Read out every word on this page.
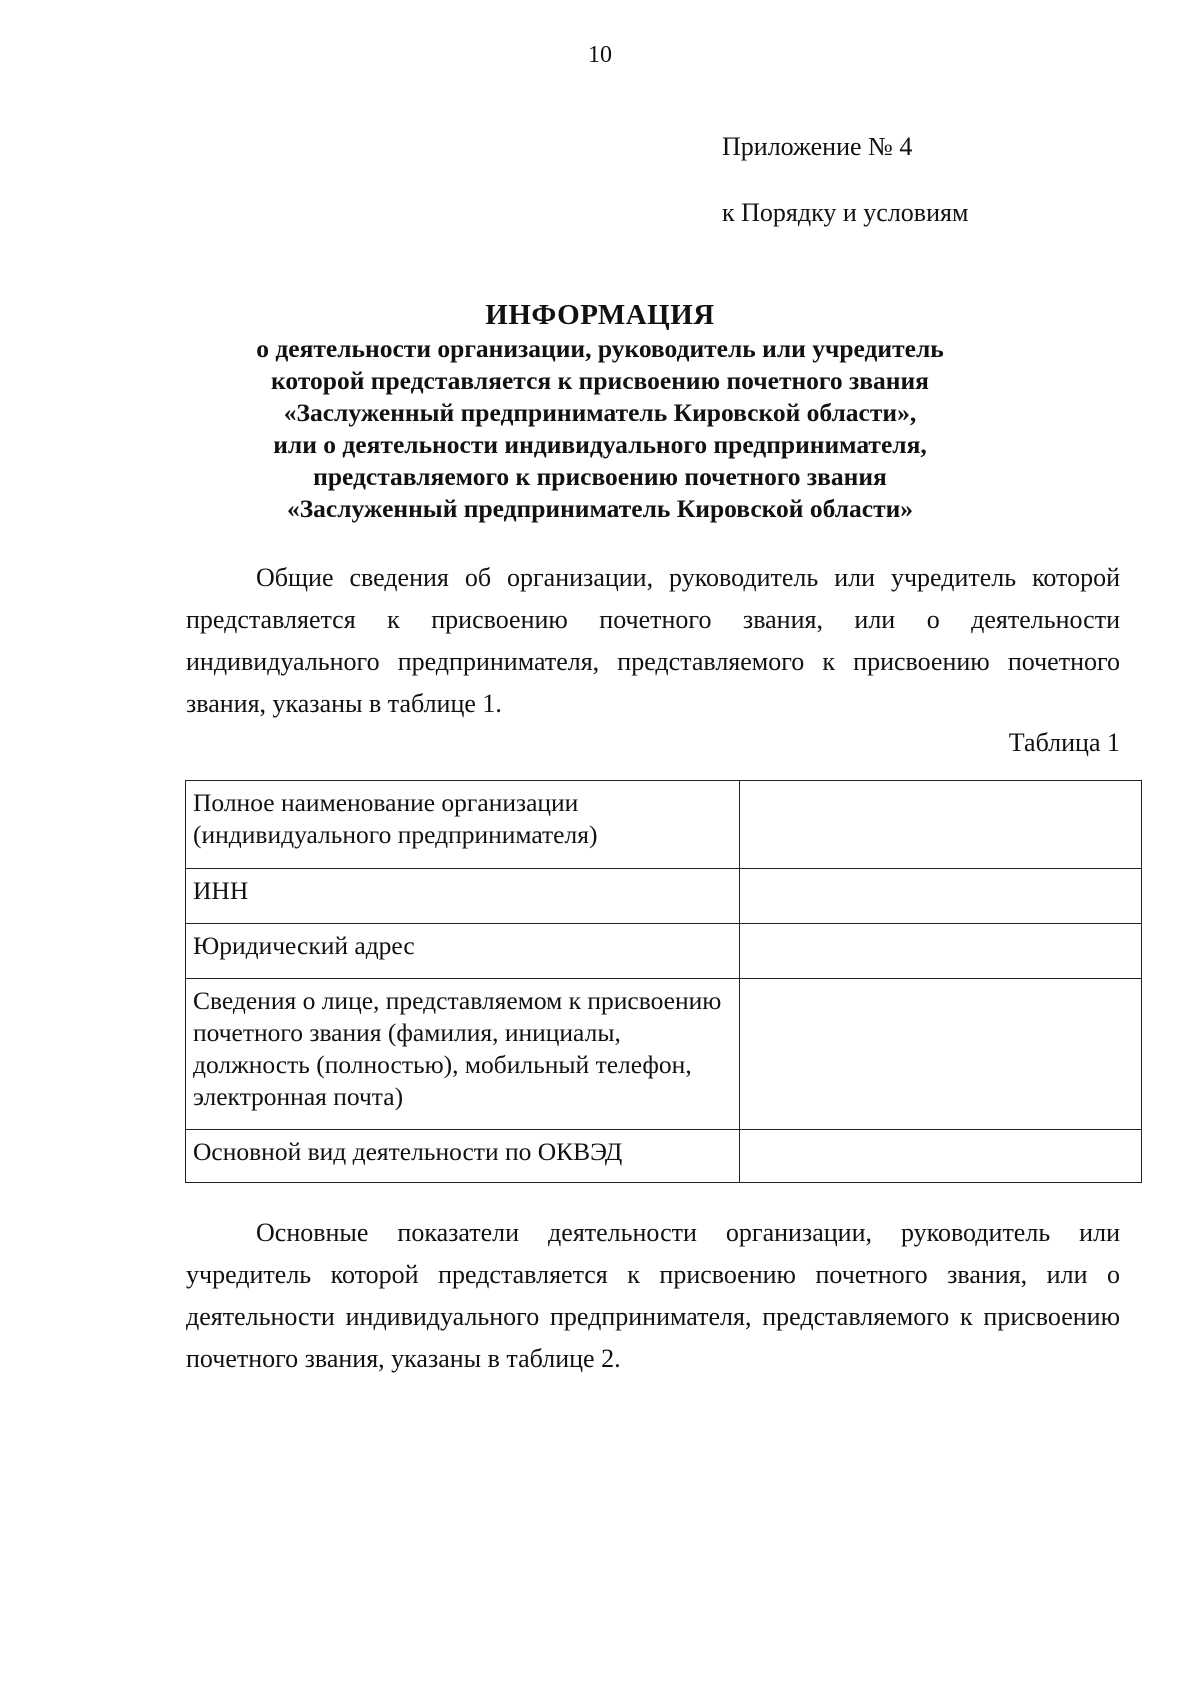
10
Приложение № 4
к Порядку и условиям
ИНФОРМАЦИЯ
о деятельности организации, руководитель или учредитель
которой представляется к присвоению почетного звания
«Заслуженный предприниматель Кировской области»,
или о деятельности индивидуального предпринимателя,
представляемого к присвоению почетного звания
«Заслуженный предприниматель Кировской области»
Общие сведения об организации, руководитель или учредитель которой представляется к присвоению почетного звания, или о деятельности индивидуального предпринимателя, представляемого к присвоению почетного звания, указаны в таблице 1.
Таблица 1
Полное наименование организации (индивидуального предпринимателя)	
ИНН	
Юридический адрес	
Сведения о лице, представляемом к присвоению почетного звания (фамилия, инициалы, должность (полностью), мобильный телефон, электронная почта)	
Основной вид деятельности по ОКВЭД	
Основные показатели деятельности организации, руководитель или учредитель которой представляется к присвоению почетного звания, или о деятельности индивидуального предпринимателя, представляемого к присвоению почетного звания, указаны в таблице 2.
